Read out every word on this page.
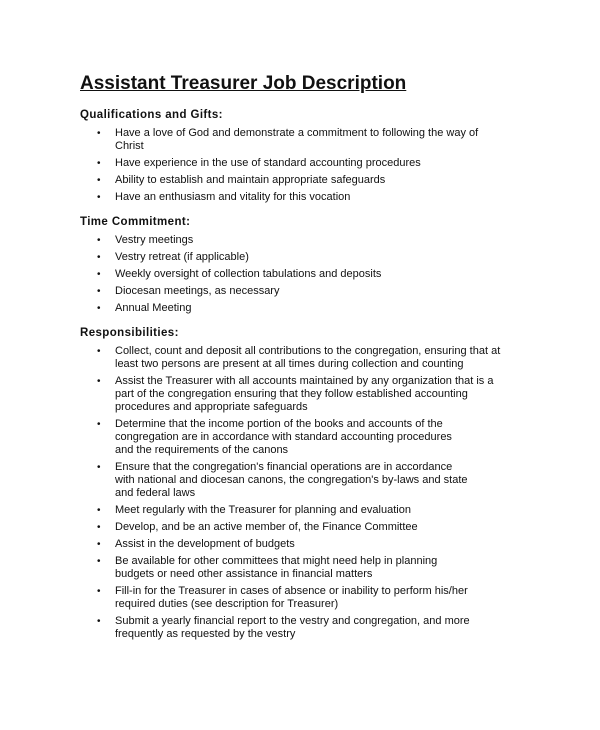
Assistant Treasurer Job Description
Qualifications and Gifts:
• Have a love of God and demonstrate a commitment to following the way of
Christ
• Have experience in the use of standard accounting procedures
• Ability to establish and maintain appropriate safeguards
• Have an enthusiasm and vitality for this vocation
Time Commitment:
• Vestry meetings
• Vestry retreat (if applicable)
• Weekly oversight of collection tabulations and deposits
• Diocesan meetings, as necessary
• Annual Meeting
Responsibilities:
• Collect, count and deposit all contributions to the congregation, ensuring that at
least two persons are present at all times during collection and counting
• Assist the Treasurer with all accounts maintained by any organization that is a
part of the congregation ensuring that they follow established accounting
procedures and appropriate safeguards
• Determine that the income portion of the books and accounts of the
congregation are in accordance with standard accounting procedures
and the requirements of the canons
• Ensure that the congregation's financial operations are in accordance
with national and diocesan canons, the congregation's by-laws and state
and federal laws
• Meet regularly with the Treasurer for planning and evaluation
• Develop, and be an active member of, the Finance Committee
• Assist in the development of budgets
• Be available for other committees that might need help in planning
budgets or need other assistance in financial matters
• Fill-in for the Treasurer in cases of absence or inability to perform his/her
required duties (see description for Treasurer)
• Submit a yearly financial report to the vestry and congregation, and more
frequently as requested by the vestry
